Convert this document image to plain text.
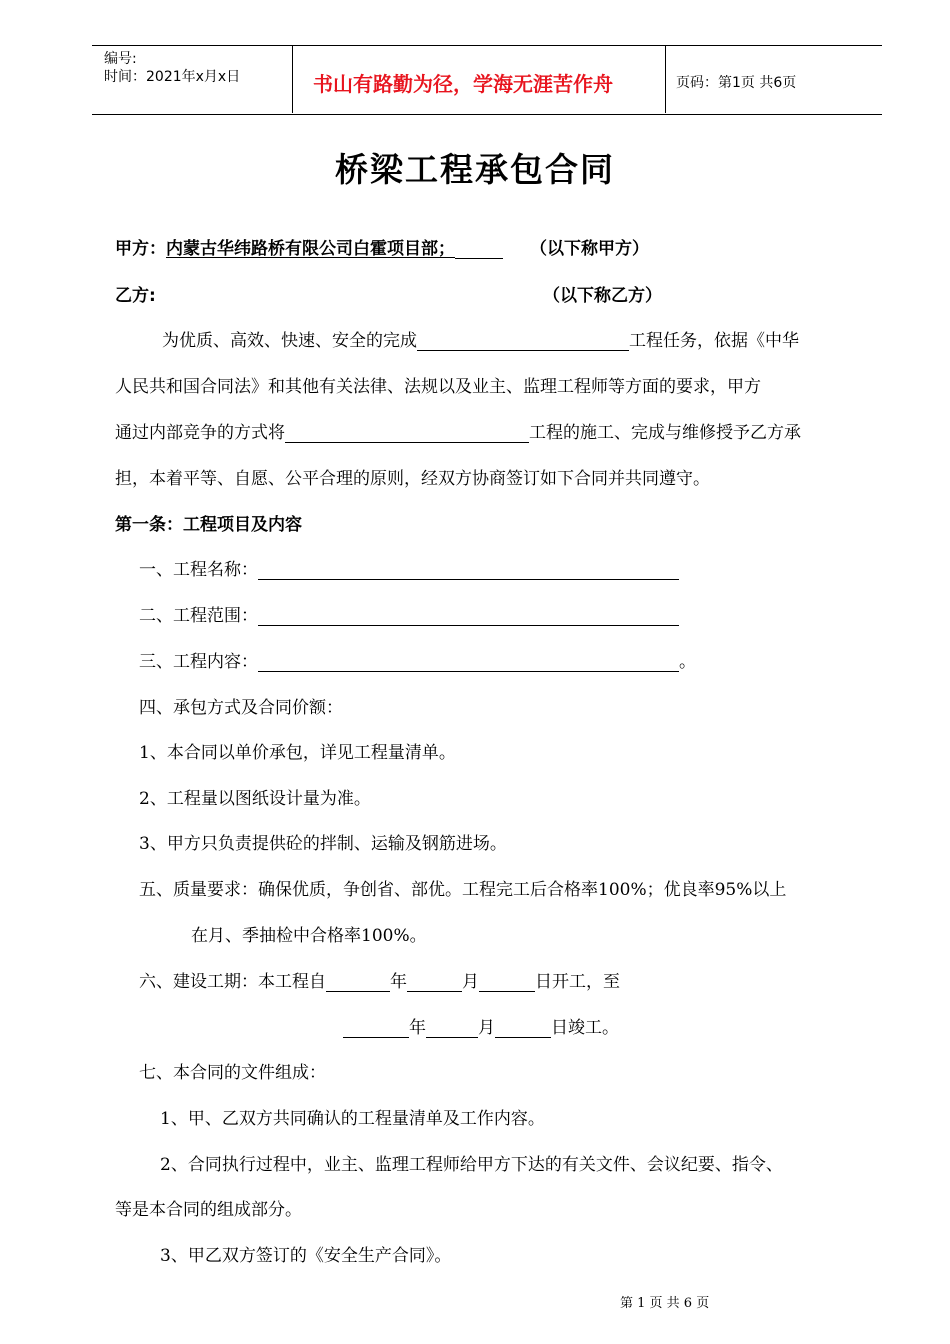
编号:
时间：2021年x月x日	书山有路勤为径，学海无涯苦作舟	页码：第1页 共6页
桥梁工程承包合同
甲方：内蒙古华纬路桥有限公司白霍项目部；	（以下称甲方）
乙方:	（以下称乙方）
为优质、高效、快速、安全的完成	工程任务，依据《中华
人民共和国合同法》和其他有关法律、法规以及业主、监理工程师等方面的要求，甲方
通过内部竞争的方式将	工程的施工、完成与维修授予乙方承
担，本着平等、自愿、公平合理的原则，经双方协商签订如下合同并共同遵守。
第一条：工程项目及内容
一、工程名称：
二、工程范围：
三、工程内容：	。
四、承包方式及合同价额：
1、本合同以单价承包，详见工程量清单。
2、工程量以图纸设计量为准。
3、甲方只负责提供砼的拌制、运输及钢筋进场。
五、质量要求：确保优质，争创省、部优。工程完工后合格率100%；优良率95%以上
在月、季抽检中合格率100%。
六、建设工期：本工程自	年	月	日开工，至
年	月	日竣工。
七、本合同的文件组成：
1、甲、乙双方共同确认的工程量清单及工作内容。
2、合同执行过程中，业主、监理工程师给甲方下达的有关文件、会议纪要、指令、
等是本合同的组成部分。
3、甲乙双方签订的《安全生产合同》。
第 1 页 共 6 页
